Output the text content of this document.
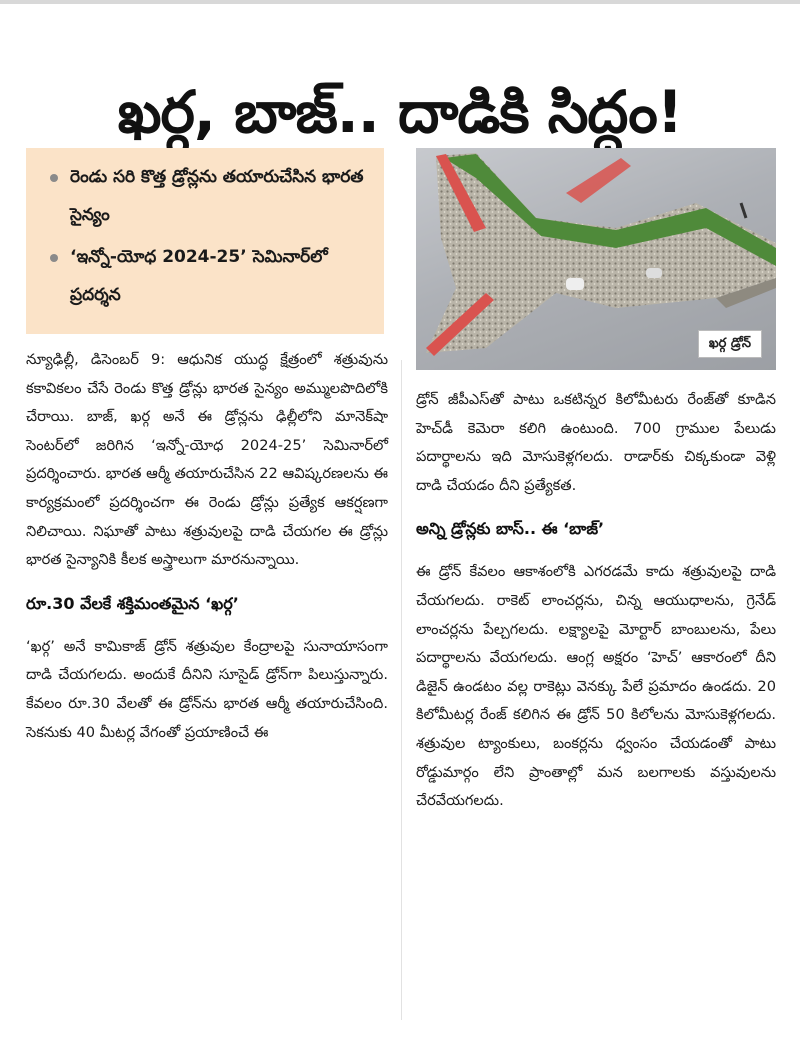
ఖర్గ, బాజ్.. దాడికి సిద్ధం!
రెండు సరి కొత్త డ్రోన్లను తయారుచేసిన భారత సైన్యం
‘ఇన్నో-యోధ 2024-25’ సెమినార్‌లో ప్రదర్శన
ఖర్గ డ్రోన్

న్యూఢిల్లీ, డిసెంబర్ 9: ఆధునిక యుద్ధ క్షేత్రంలో శత్రువును కకావికలం చేసే రెండు కొత్త డ్రోన్లు భారత సైన్యం అమ్ములపొదిలోకి చేరాయి. బాజ్, ఖర్గ అనే ఈ డ్రోన్లను ఢిల్లీలోని మానెక్‌షా సెంటర్‌లో జరిగిన ‘ఇన్నో-యోధ 2024-25’ సెమినార్‌లో ప్రదర్శించారు. భారత ఆర్మీ తయారుచేసిన 22 ఆవిష్కరణలను ఈ కార్యక్రమంలో ప్రదర్శించగా ఈ రెండు డ్రోన్లు ప్రత్యేక ఆకర్షణగా నిలిచాయి. నిఘాతో పాటు శత్రువులపై దాడి చేయగల ఈ డ్రోన్లు భారత సైన్యానికి కీలక అస్త్రాలుగా మారనున్నాయి.

రూ.30 వేలకే శక్తిమంతమైన ‘ఖర్గ’

‘ఖర్గ’ అనే కామికాజ్ డ్రోన్ శత్రువుల కేంద్రాలపై సునాయాసంగా దాడి చేయగలదు. అందుకే దీనిని సూసైడ్ డ్రోన్‌గా పిలుస్తున్నారు. కేవలం రూ.30 వేలతో ఈ డ్రోన్‌ను భారత ఆర్మీ తయారుచేసింది. సెకనుకు 40 మీటర్ల వేగంతో ప్రయాణించే ఈ

డ్రోన్ జీపీఎస్‌తో పాటు ఒకటిన్నర కిలోమీటరు రేంజ్‌తో కూడిన హెచ్‌డీ కెమెరా కలిగి ఉంటుంది. 700 గ్రాముల పేలుడు పదార్థాలను ఇది మోసుకెళ్లగలదు. రాడార్‌కు చిక్కకుండా వెళ్లి దాడి చేయడం దీని ప్రత్యేకత.

అన్ని డ్రోన్లకు బాస్.. ఈ ‘బాజ్’

ఈ డ్రోన్ కేవలం ఆకాశంలోకి ఎగరడమే కాదు శత్రువులపై దాడి చేయగలదు. రాకెట్ లాంచర్లను, చిన్న ఆయుధాలను, గ్రెనేడ్ లాంచర్లను పేల్చగలదు. లక్ష్యాలపై మోర్టార్ బాంబులను, పేలు పదార్థాలను వేయగలదు. ఆంగ్ల అక్షరం ‘హెచ్’ ఆకారంలో దీని డిజైన్ ఉండటం వల్ల రాకెట్లు వెనక్కు పేలే ప్రమాదం ఉండదు. 20 కిలోమీటర్ల రేంజ్ కలిగిన ఈ డ్రోన్ 50 కిలోలను మోసుకెళ్లగలదు. శత్రువుల ట్యాంకులు, బంకర్లను ధ్వంసం చేయడంతో పాటు రోడ్డుమార్గం లేని ప్రాంతాల్లో మన బలగాలకు వస్తువులను చేరవేయగలదు.
